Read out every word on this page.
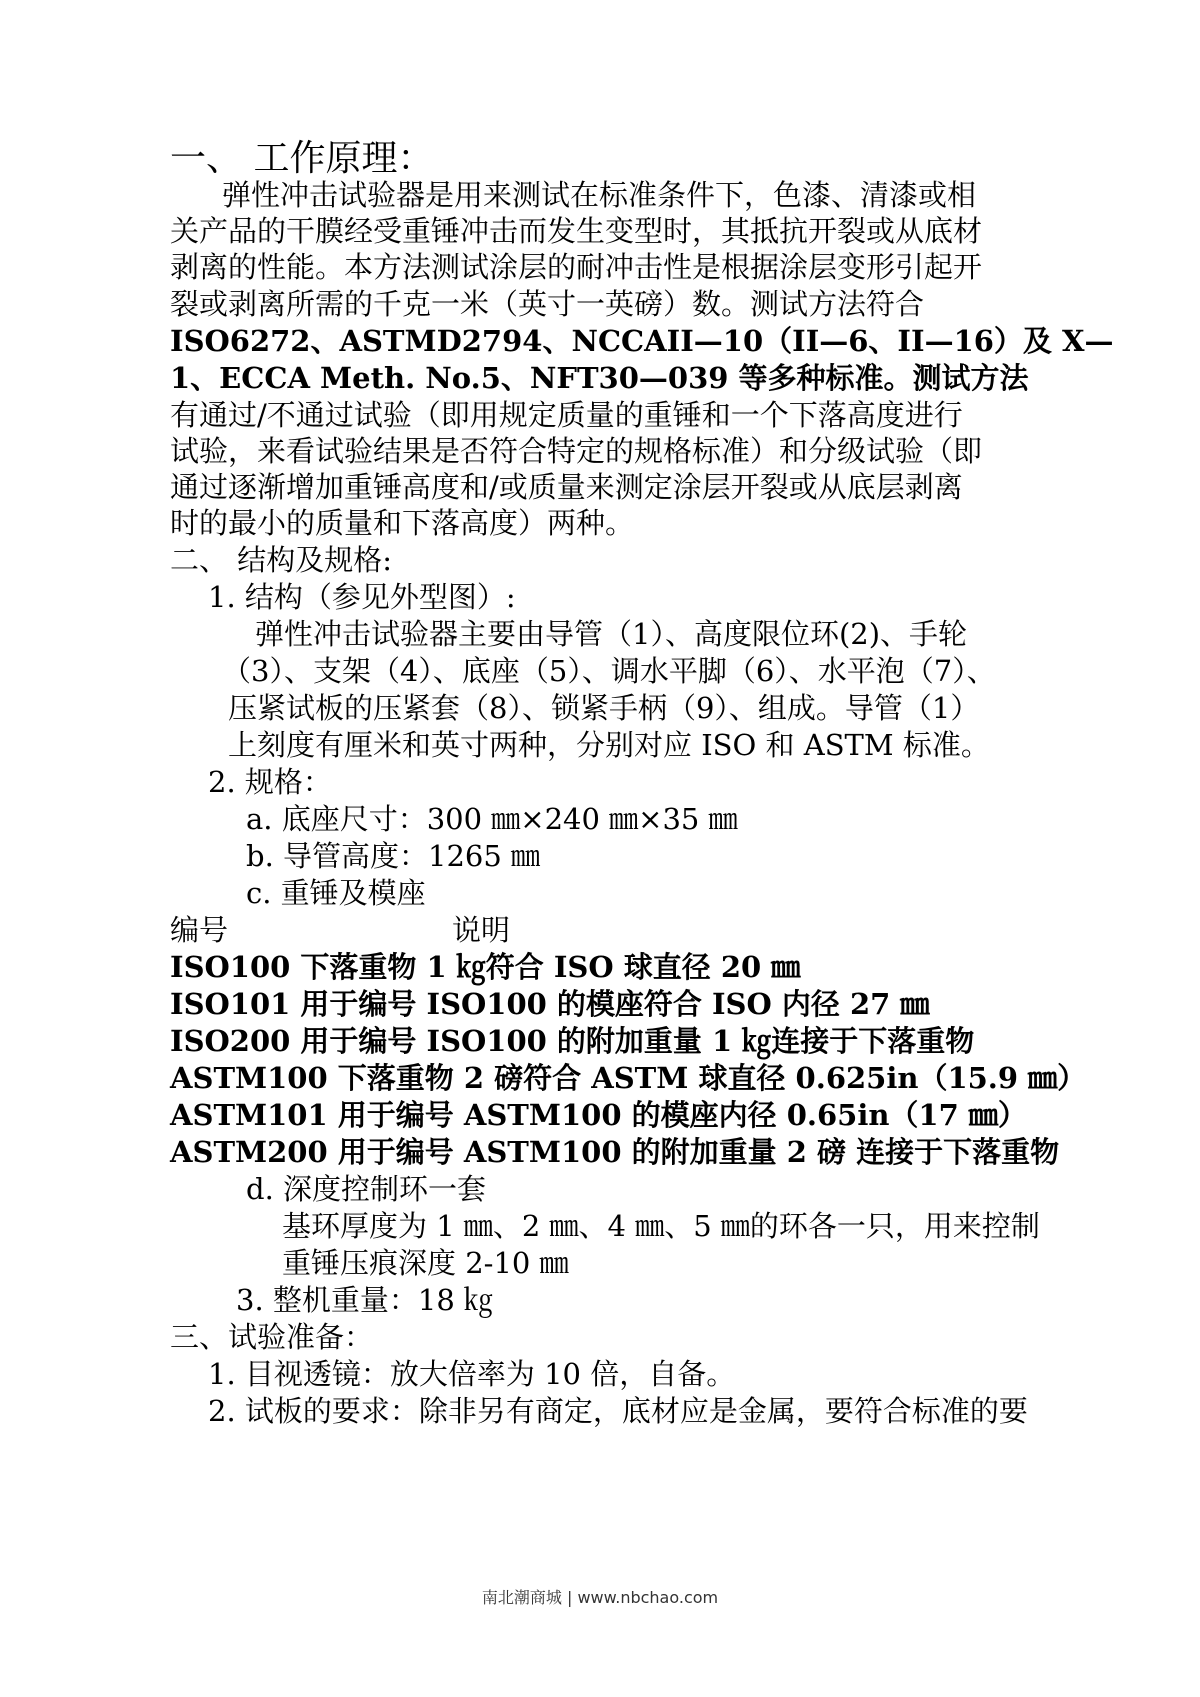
一、 工作原理：
弹性冲击试验器是用来测试在标准条件下，色漆、清漆或相
关产品的干膜经受重锤冲击而发生变型时，其抵抗开裂或从底材
剥离的性能。本方法测试涂层的耐冲击性是根据涂层变形引起开
裂或剥离所需的千克一米（英寸一英磅）数。测试方法符合
ISO6272、ASTMD2794、NCCAII—10（II—6、II—16）及 X—
1、ECCA Meth. No.5、NFT30—039 等多种标准。测试方法
有通过/不通过试验（即用规定质量的重锤和一个下落高度进行
试验，来看试验结果是否符合特定的规格标准）和分级试验（即
通过逐渐增加重锤高度和/或质量来测定涂层开裂或从底层剥离
时的最小的质量和下落高度）两种。
二、 结构及规格:
1. 结构（参见外型图）:
弹性冲击试验器主要由导管（1）、高度限位环(2)、手轮
（3）、支架（4）、底座（5）、调水平脚（6）、水平泡（7）、
压紧试板的压紧套（8）、锁紧手柄（9）、组成。导管（1）
上刻度有厘米和英寸两种，分别对应 ISO 和 ASTM 标准。
2. 规格：
a. 底座尺寸：300 ㎜×240 ㎜×35 ㎜
b. 导管高度：1265 ㎜
c. 重锤及模座
编号	说明
ISO100 下落重物 1 ㎏符合 ISO 球直径 20 ㎜
ISO101 用于编号 ISO100 的模座符合 ISO 内径 27 ㎜
ISO200 用于编号 ISO100 的附加重量 1 ㎏连接于下落重物
ASTM100 下落重物 2 磅符合 ASTM 球直径 0.625in（15.9 ㎜）
ASTM101 用于编号 ASTM100 的模座内径 0.65in（17 ㎜）
ASTM200 用于编号 ASTM100 的附加重量 2 磅 连接于下落重物
d. 深度控制环一套
基环厚度为 1 ㎜、2 ㎜、4 ㎜、5 ㎜的环各一只，用来控制
重锤压痕深度 2-10 ㎜
3. 整机重量：18 ㎏
三、试验准备：
1. 目视透镜：放大倍率为 10 倍，自备。
2. 试板的要求：除非另有商定，底材应是金属，要符合标准的要
南北潮商城 | www.nbchao.com
